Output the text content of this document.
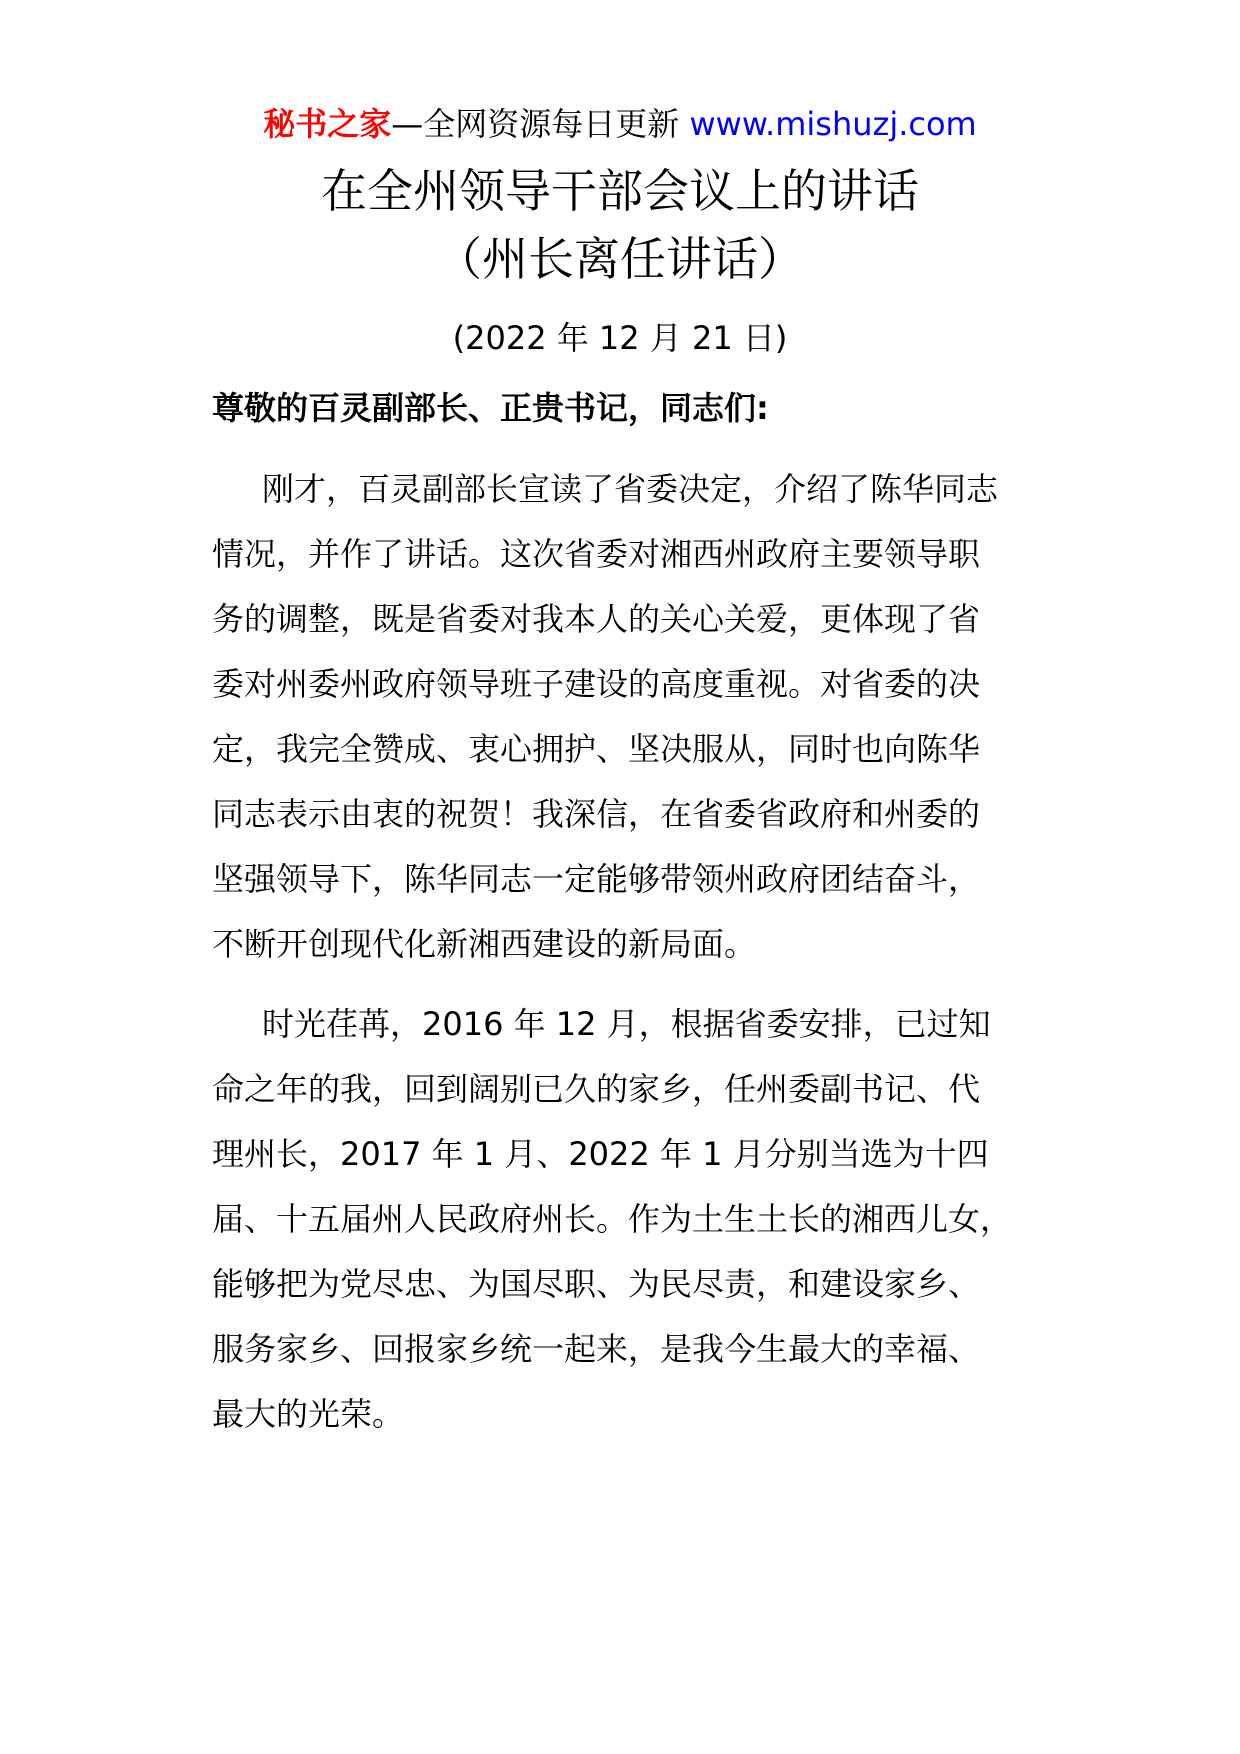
秘书之家—全网资源每日更新 www.mishuzj.com
在全州领导干部会议上的讲话
（州长离任讲话）
(2022 年 12 月 21 日)
尊敬的百灵副部长、正贵书记，同志们:
刚才，百灵副部长宣读了省委决定，介绍了陈华同志
情况，并作了讲话。这次省委对湘西州政府主要领导职
务的调整，既是省委对我本人的关心关爱，更体现了省
委对州委州政府领导班子建设的高度重视。对省委的决
定，我完全赞成、衷心拥护、坚决服从，同时也向陈华
同志表示由衷的祝贺！我深信，在省委省政府和州委的
坚强领导下，陈华同志一定能够带领州政府团结奋斗，
不断开创现代化新湘西建设的新局面。
时光荏苒，2016 年 12 月，根据省委安排，已过知
命之年的我，回到阔别已久的家乡，任州委副书记、代
理州长，2017 年 1 月、2022 年 1 月分别当选为十四
届、十五届州人民政府州长。作为土生土长的湘西儿女，
能够把为党尽忠、为国尽职、为民尽责，和建设家乡、
服务家乡、回报家乡统一起来，是我今生最大的幸福、
最大的光荣。
